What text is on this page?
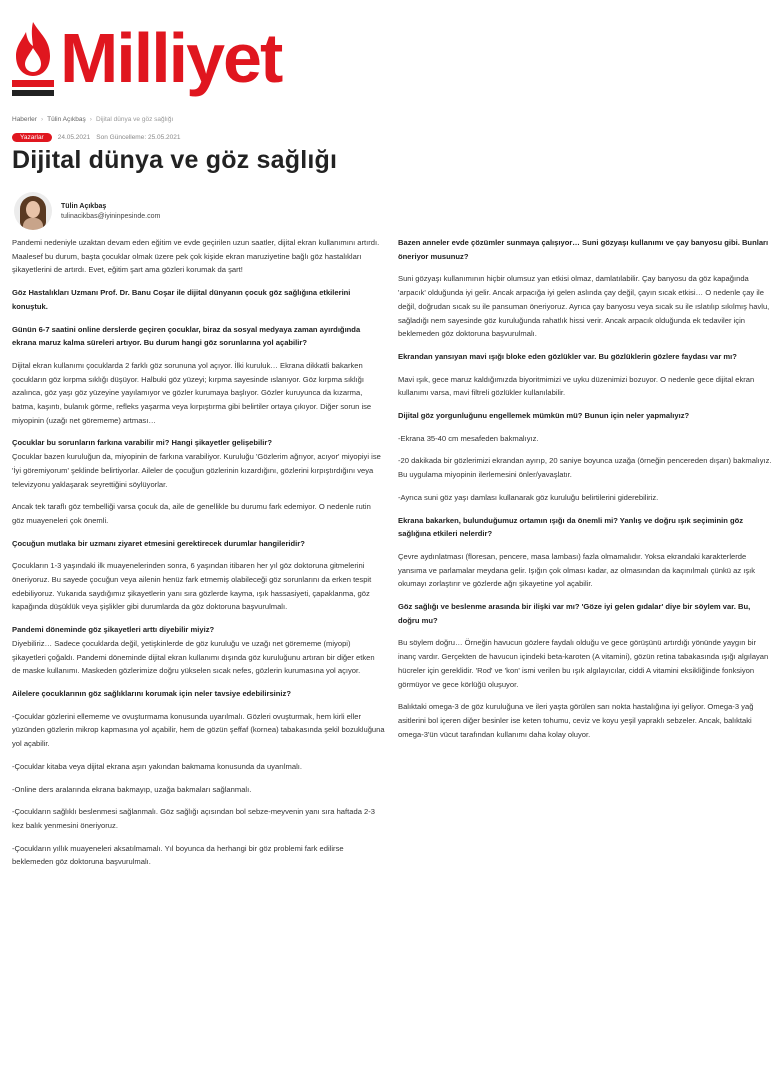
Milliyet
Haberler › Tülin Açıkbaş › Dijital dünya ve göz sağlığı
Yazarlar	24.05.2021 Son Güncelleme: 25.05.2021
Dijital dünya ve göz sağlığı
Tülin Açıkbaş
tulinacikbas@iyininpesinde.com

Pandemi nedeniyle uzaktan devam eden eğitim ve evde geçirilen uzun saatler, dijital ekran kullanımını artırdı. Maalesef bu durum, başta çocuklar olmak üzere pek çok kişide ekran maruziyetine bağlı göz hastalıkları şikayetlerini de artırdı. Evet, eğitim şart ama gözleri korumak da şart!

Göz Hastalıkları Uzmanı Prof. Dr. Banu Coşar ile dijital dünyanın çocuk göz sağlığına etkilerini konuştuk.

Günün 6-7 saatini online derslerde geçiren çocuklar, biraz da sosyal medyaya zaman ayırdığında ekrana maruz kalma süreleri artıyor. Bu durum hangi göz sorunlarına yol açabilir?

Dijital ekran kullanımı çocuklarda 2 farklı göz sorununa yol açıyor. İlki kuruluk… Ekrana dikkatli bakarken çocukların göz kırpma sıklığı düşüyor. Halbuki göz yüzeyi; kırpma sayesinde ıslanıyor. Göz kırpma sıklığı azalınca, göz yaşı göz yüzeyine yayılamıyor ve gözler kurumaya başlıyor. Gözler kuruyunca da kızarma, batma, kaşıntı, bulanık görme, refleks yaşarma veya kırpıştırma gibi belirtiler ortaya çıkıyor. Diğer sorun ise miyopinin (uzağı net görememe) artması…

Çocuklar bu sorunların farkına varabilir mi? Hangi şikayetler gelişebilir?

Çocuklar bazen kuruluğun da, miyopinin de farkına varabiliyor. Kuruluğu 'Gözlerim ağrıyor, acıyor' miyopiyi ise 'İyi göremiyorum' şeklinde belirtiyorlar. Aileler de çocuğun gözlerinin kızardığını, gözlerini kırpıştırdığını veya televizyonu yaklaşarak seyrettiğini söylüyorlar.

Ancak tek taraflı göz tembelliği varsa çocuk da, aile de genellikle bu durumu fark edemiyor. O nedenle rutin göz muayeneleri çok önemli.

Çocuğun mutlaka bir uzmanı ziyaret etmesini gerektirecek durumlar hangileridir?

Çocukların 1-3 yaşındaki ilk muayenelerinden sonra, 6 yaşından itibaren her yıl göz doktoruna gitmelerini öneriyoruz. Bu sayede çocuğun veya ailenin henüz fark etmemiş olabileceği göz sorunlarını da erken tespit edebiliyoruz. Yukarıda saydığımız şikayetlerin yanı sıra gözlerde kayma, ışık hassasiyeti, çapaklanma, göz kapağında düşüklük veya şişlikler gibi durumlarda da göz doktoruna başvurulmalı.

Pandemi döneminde göz şikayetleri arttı diyebilir miyiz?

Diyebiliriz… Sadece çocuklarda değil, yetişkinlerde de göz kuruluğu ve uzağı net görememe (miyopi) şikayetleri çoğaldı. Pandemi döneminde dijital ekran kullanımı dışında göz kuruluğunu artıran bir diğer etken de maske kullanımı. Maskeden gözlerimize doğru yükselen sıcak nefes, gözlerin kurumasına yol açıyor.

Ailelere çocuklarının göz sağlıklarını korumak için neler tavsiye edebilirsiniz?

-Çocuklar gözlerini ellememe ve ovuşturmama konusunda uyarılmalı. Gözleri ovuşturmak, hem kirli eller yüzünden gözlerin mikrop kapmasına yol açabilir, hem de gözün şeffaf (kornea) tabakasında şekil bozukluğuna yol açabilir.

-Çocuklar kitaba veya dijital ekrana aşırı yakından bakmama konusunda da uyarılmalı.

-Online ders aralarında ekrana bakmayıp, uzağa bakmaları sağlanmalı.

-Çocukların sağlıklı beslenmesi sağlanmalı. Göz sağlığı açısından bol sebze-meyvenin yanı sıra haftada 2-3 kez balık yenmesini öneriyoruz.

-Çocukların yıllık muayeneleri aksatılmamalı. Yıl boyunca da herhangi bir göz problemi fark edilirse beklemeden göz doktoruna başvurulmalı.

Bazen anneler evde çözümler sunmaya çalışıyor… Suni gözyaşı kullanımı ve çay banyosu gibi. Bunları öneriyor musunuz?

Suni gözyaşı kullanımının hiçbir olumsuz yan etkisi olmaz, damlatılabilir. Çay banyosu da göz kapağında 'arpacık' olduğunda iyi gelir. Ancak arpacığa iyi gelen aslında çay değil, çayın sıcak etkisi… O nedenle çay ile değil, doğrudan sıcak su ile pansuman öneriyoruz. Ayrıca çay banyosu veya sıcak su ile ıslatılıp sıkılmış havlu, sağladığı nem sayesinde göz kuruluğunda rahatlık hissi verir. Ancak arpacık olduğunda ek tedaviler için beklemeden göz doktoruna başvurulmalı.

Ekrandan yansıyan mavi ışığı bloke eden gözlükler var. Bu gözlüklerin gözlere faydası var mı?

Mavi ışık, gece maruz kaldığımızda biyoritmimizi ve uyku düzenimizi bozuyor. O nedenle gece dijital ekran kullanımı varsa, mavi filtreli gözlükler kullanılabilir.

Dijital göz yorgunluğunu engellemek mümkün mü? Bunun için neler yapmalıyız?

-Ekrana 35-40 cm mesafeden bakmalıyız.

-20 dakikada bir gözlerimizi ekrandan ayırıp, 20 saniye boyunca uzağa (örneğin pencereden dışarı) bakmalıyız. Bu uygulama miyopinin ilerlemesini önler/yavaşlatır.

-Ayrıca suni göz yaşı damlası kullanarak göz kuruluğu belirtilerini giderebiliriz.

Ekrana bakarken, bulunduğumuz ortamın ışığı da önemli mi? Yanlış ve doğru ışık seçiminin göz sağlığına etkileri nelerdir?

Çevre aydınlatması (floresan, pencere, masa lambası) fazla olmamalıdır. Yoksa ekrandaki karakterlerde yansıma ve parlamalar meydana gelir. Işığın çok olması kadar, az olmasından da kaçınılmalı çünkü az ışık okumayı zorlaştırır ve gözlerde ağrı şikayetine yol açabilir.

Göz sağlığı ve beslenme arasında bir ilişki var mı? 'Göze iyi gelen gıdalar' diye bir söylem var. Bu, doğru mu?

Bu söylem doğru… Örneğin havucun gözlere faydalı olduğu ve gece görüşünü artırdığı yönünde yaygın bir inanç vardır. Gerçekten de havucun içindeki beta-karoten (A vitamini), gözün retina tabakasında ışığı algılayan hücreler için gereklidir. 'Rod' ve 'kon' ismi verilen bu ışık algılayıcılar, ciddi A vitamini eksikliğinde fonksiyon görmüyor ve gece körlüğü oluşuyor.

Balıktaki omega-3 de göz kuruluğuna ve ileri yaşta görülen sarı nokta hastalığına iyi geliyor. Omega-3 yağ asitlerini bol içeren diğer besinler ise keten tohumu, ceviz ve koyu yeşil yapraklı sebzeler. Ancak, balıktaki omega-3'ün vücut tarafından kullanımı daha kolay oluyor.
